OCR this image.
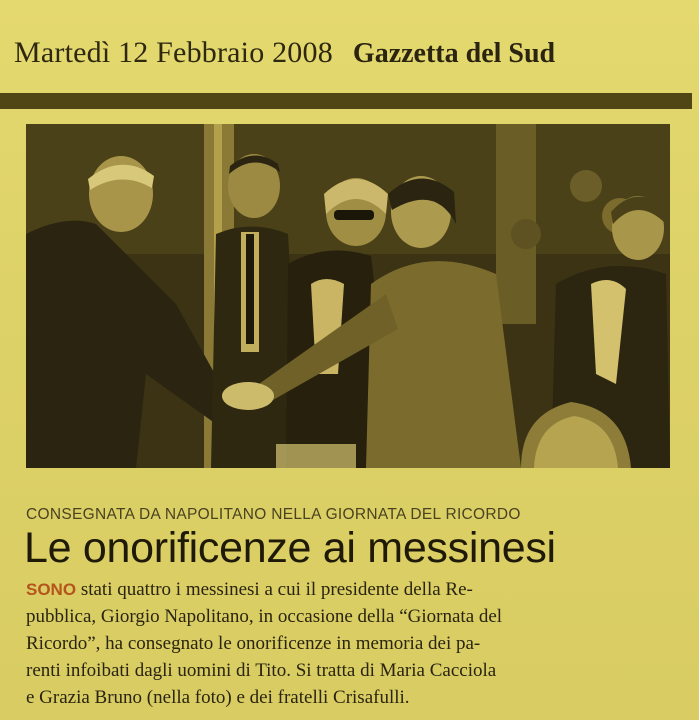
Martedì 12 Febbraio 2008 Gazzetta del Sud
CONSEGNATA DA NAPOLITANO NELLA GIORNATA DEL RICORDO
Le onorificenze ai messinesi
SONO stati quattro i messinesi a cui il presidente della Re-
pubblica, Giorgio Napolitano, in occasione della “Giornata del
Ricordo”, ha consegnato le onorificenze in memoria dei pa-
renti infoibati dagli uomini di Tito. Si tratta di Maria Cacciola
e Grazia Bruno (nella foto) e dei fratelli Crisafulli.
